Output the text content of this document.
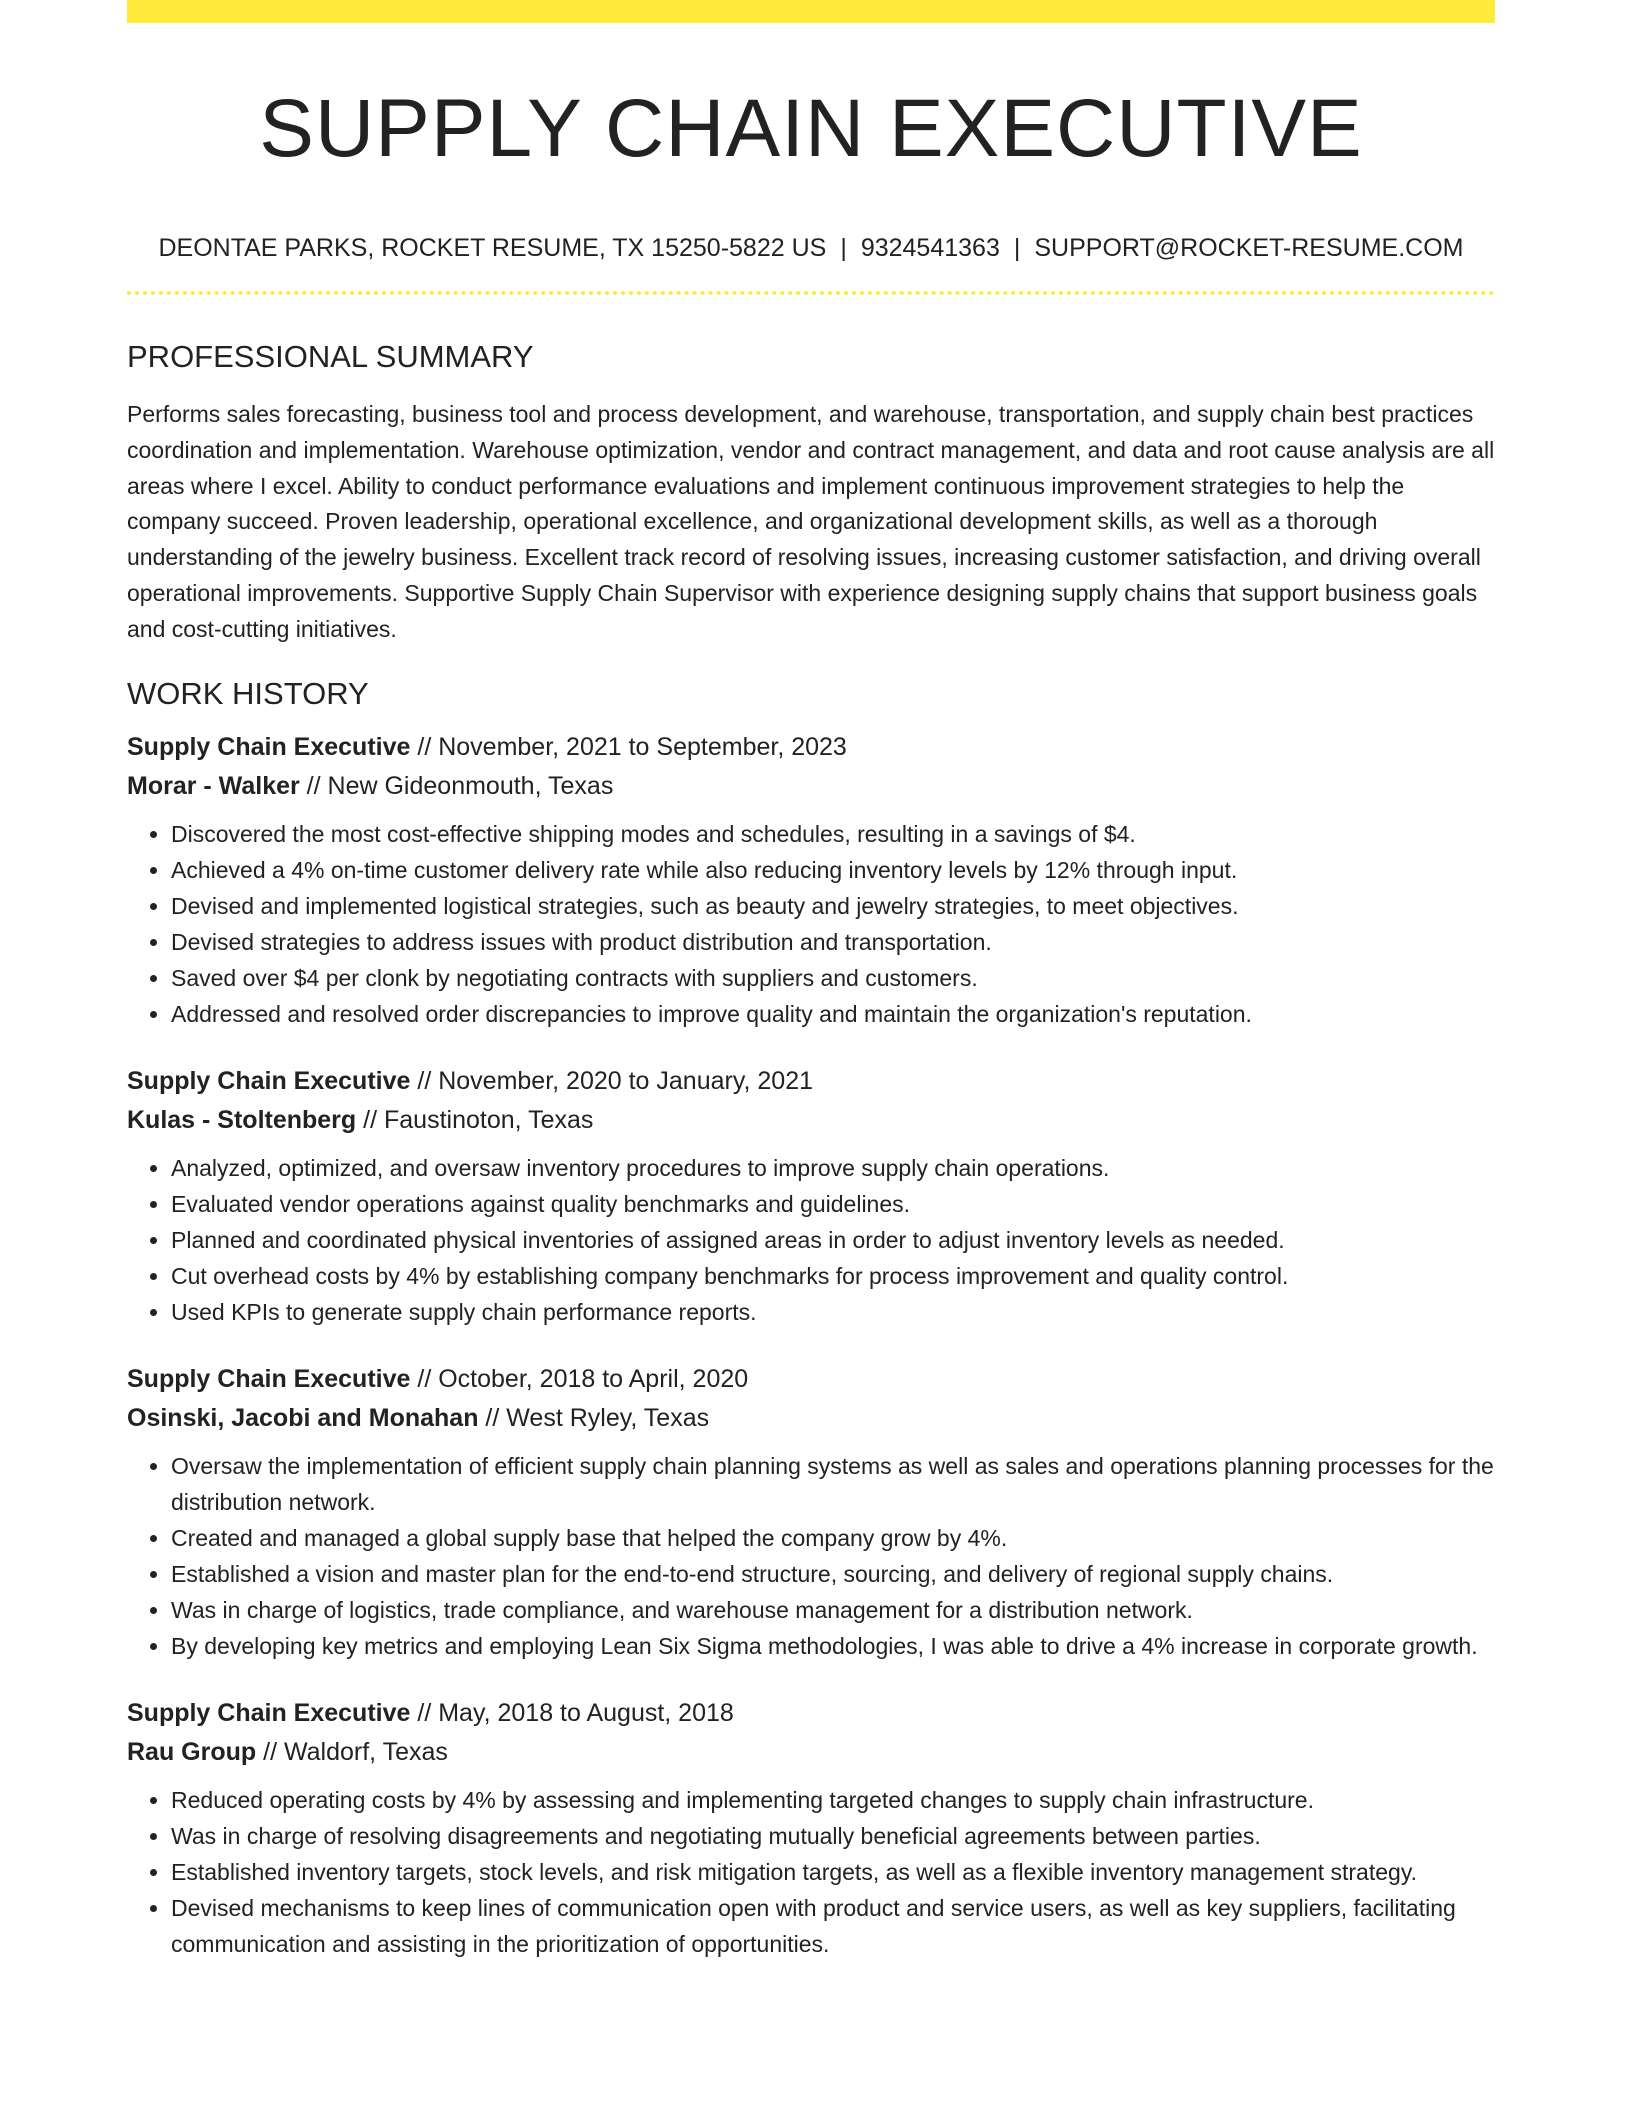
SUPPLY CHAIN EXECUTIVE
DEONTAE PARKS, ROCKET RESUME, TX 15250-5822 US | 9324541363 | SUPPORT@ROCKET-RESUME.COM
PROFESSIONAL SUMMARY

Performs sales forecasting, business tool and process development, and warehouse, transportation, and supply chain best practices coordination and implementation. Warehouse optimization, vendor and contract management, and data and root cause analysis are all areas where I excel. Ability to conduct performance evaluations and implement continuous improvement strategies to help the company succeed. Proven leadership, operational excellence, and organizational development skills, as well as a thorough understanding of the jewelry business. Excellent track record of resolving issues, increasing customer satisfaction, and driving overall operational improvements. Supportive Supply Chain Supervisor with experience designing supply chains that support business goals and cost-cutting initiatives.

WORK HISTORY
Supply Chain Executive // November, 2021 to September, 2023
Morar - Walker // New Gideonmouth, Texas
• Discovered the most cost-effective shipping modes and schedules, resulting in a savings of $4.
• Achieved a 4% on-time customer delivery rate while also reducing inventory levels by 12% through input.
• Devised and implemented logistical strategies, such as beauty and jewelry strategies, to meet objectives.
• Devised strategies to address issues with product distribution and transportation.
• Saved over $4 per clonk by negotiating contracts with suppliers and customers.
• Addressed and resolved order discrepancies to improve quality and maintain the organization's reputation.
Supply Chain Executive // November, 2020 to January, 2021
Kulas - Stoltenberg // Faustinoton, Texas
• Analyzed, optimized, and oversaw inventory procedures to improve supply chain operations.
• Evaluated vendor operations against quality benchmarks and guidelines.
• Planned and coordinated physical inventories of assigned areas in order to adjust inventory levels as needed.
• Cut overhead costs by 4% by establishing company benchmarks for process improvement and quality control.
• Used KPIs to generate supply chain performance reports.
Supply Chain Executive // October, 2018 to April, 2020
Osinski, Jacobi and Monahan // West Ryley, Texas
• Oversaw the implementation of efficient supply chain planning systems as well as sales and operations planning processes for the distribution network.
• Created and managed a global supply base that helped the company grow by 4%.
• Established a vision and master plan for the end-to-end structure, sourcing, and delivery of regional supply chains.
• Was in charge of logistics, trade compliance, and warehouse management for a distribution network.
• By developing key metrics and employing Lean Six Sigma methodologies, I was able to drive a 4% increase in corporate growth.
Supply Chain Executive // May, 2018 to August, 2018
Rau Group // Waldorf, Texas
• Reduced operating costs by 4% by assessing and implementing targeted changes to supply chain infrastructure.
• Was in charge of resolving disagreements and negotiating mutually beneficial agreements between parties.
• Established inventory targets, stock levels, and risk mitigation targets, as well as a flexible inventory management strategy.
• Devised mechanisms to keep lines of communication open with product and service users, as well as key suppliers, facilitating communication and assisting in the prioritization of opportunities.
